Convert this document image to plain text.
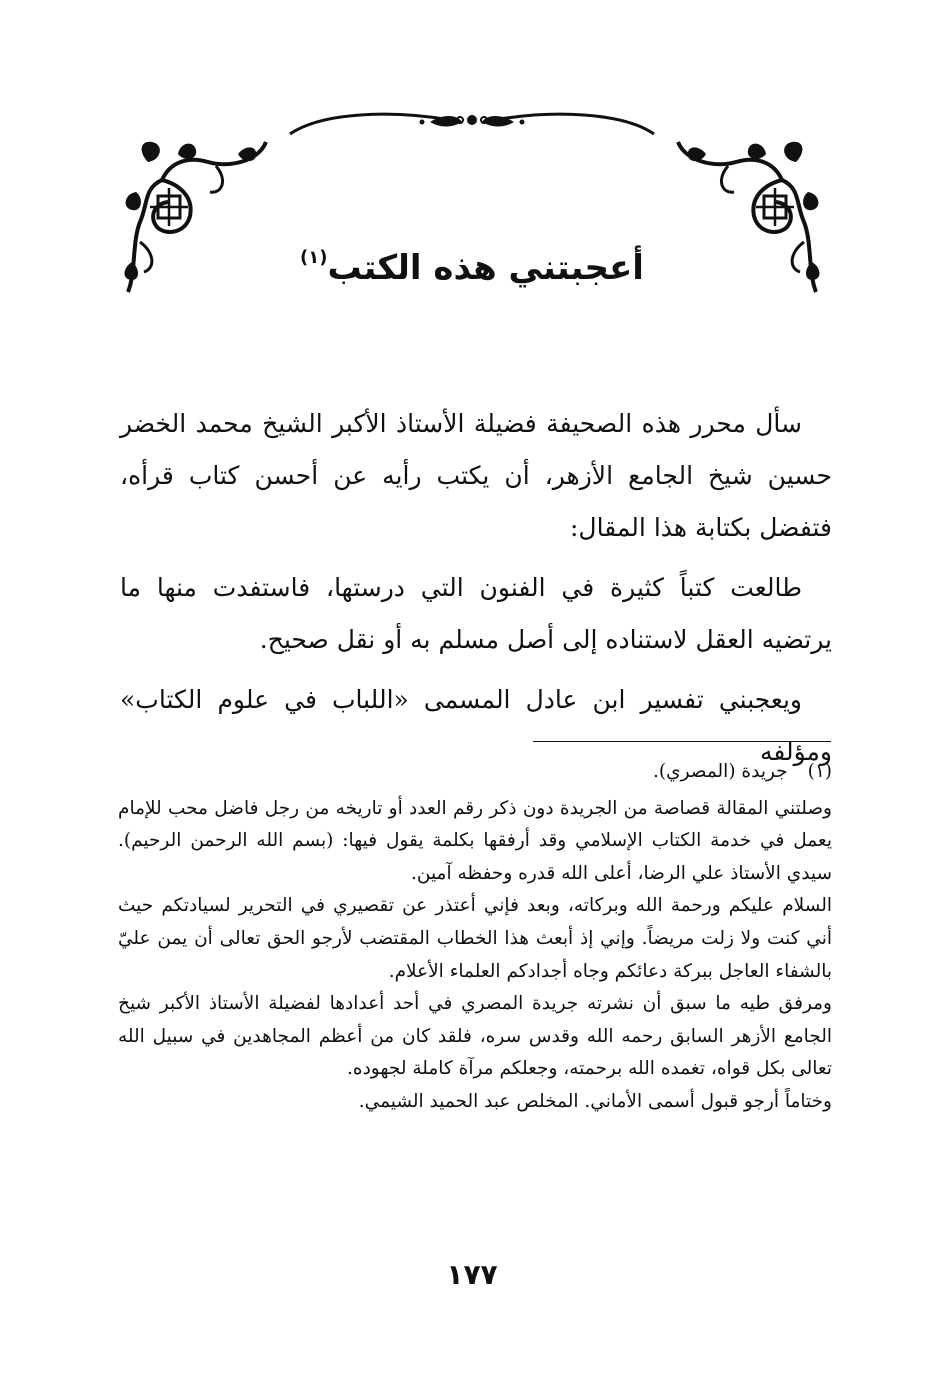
أعجبتني هذه الكتب$^{(١)}$

سأل محرر هذه الصحيفة فضيلة الأستاذ الأكبر الشيخ محمد الخضر حسين شيخ الجامع الأزهر، أن يكتب رأيه عن أحسن كتاب قرأه، فتفضل بكتابة هذا المقال:

طالعت كتباً كثيرة في الفنون التي درستها، فاستفدت منها ما يرتضيه العقل لاستناده إلى أصل مسلم به أو نقل صحيح.

ويعجبني تفسير ابن عادل المسمى «اللباب في علوم الكتاب» ومؤلفه

(١)جريدة (المصري).

وصلتني المقالة قصاصة من الجريدة دون ذكر رقم العدد أو تاريخه من رجل فاضل محب للإمام يعمل في خدمة الكتاب الإسلامي وقد أرفقها بكلمة يقول فيها: (بسم الله الرحمن الرحيم). سيدي الأستاذ علي الرضا، أعلى الله قدره وحفظه آمين.

السلام عليكم ورحمة الله وبركاته، وبعد فإني أعتذر عن تقصيري في التحرير لسيادتكم حيث أني كنت ولا زلت مريضاً. وإني إذ أبعث هذا الخطاب المقتضب لأرجو الحق تعالى أن يمن عليّ بالشفاء العاجل ببركة دعائكم وجاه أجدادكم العلماء الأعلام.

ومرفق طيه ما سبق أن نشرته جريدة المصري في أحد أعدادها لفضيلة الأستاذ الأكبر شيخ الجامع الأزهر السابق رحمه الله وقدس سره، فلقد كان من أعظم المجاهدين في سبيل الله تعالى بكل قواه، تغمده الله برحمته، وجعلكم مرآة كاملة لجهوده.

وختاماً أرجو قبول أسمى الأماني. المخلص عبد الحميد الشيمي.

١٧٧
